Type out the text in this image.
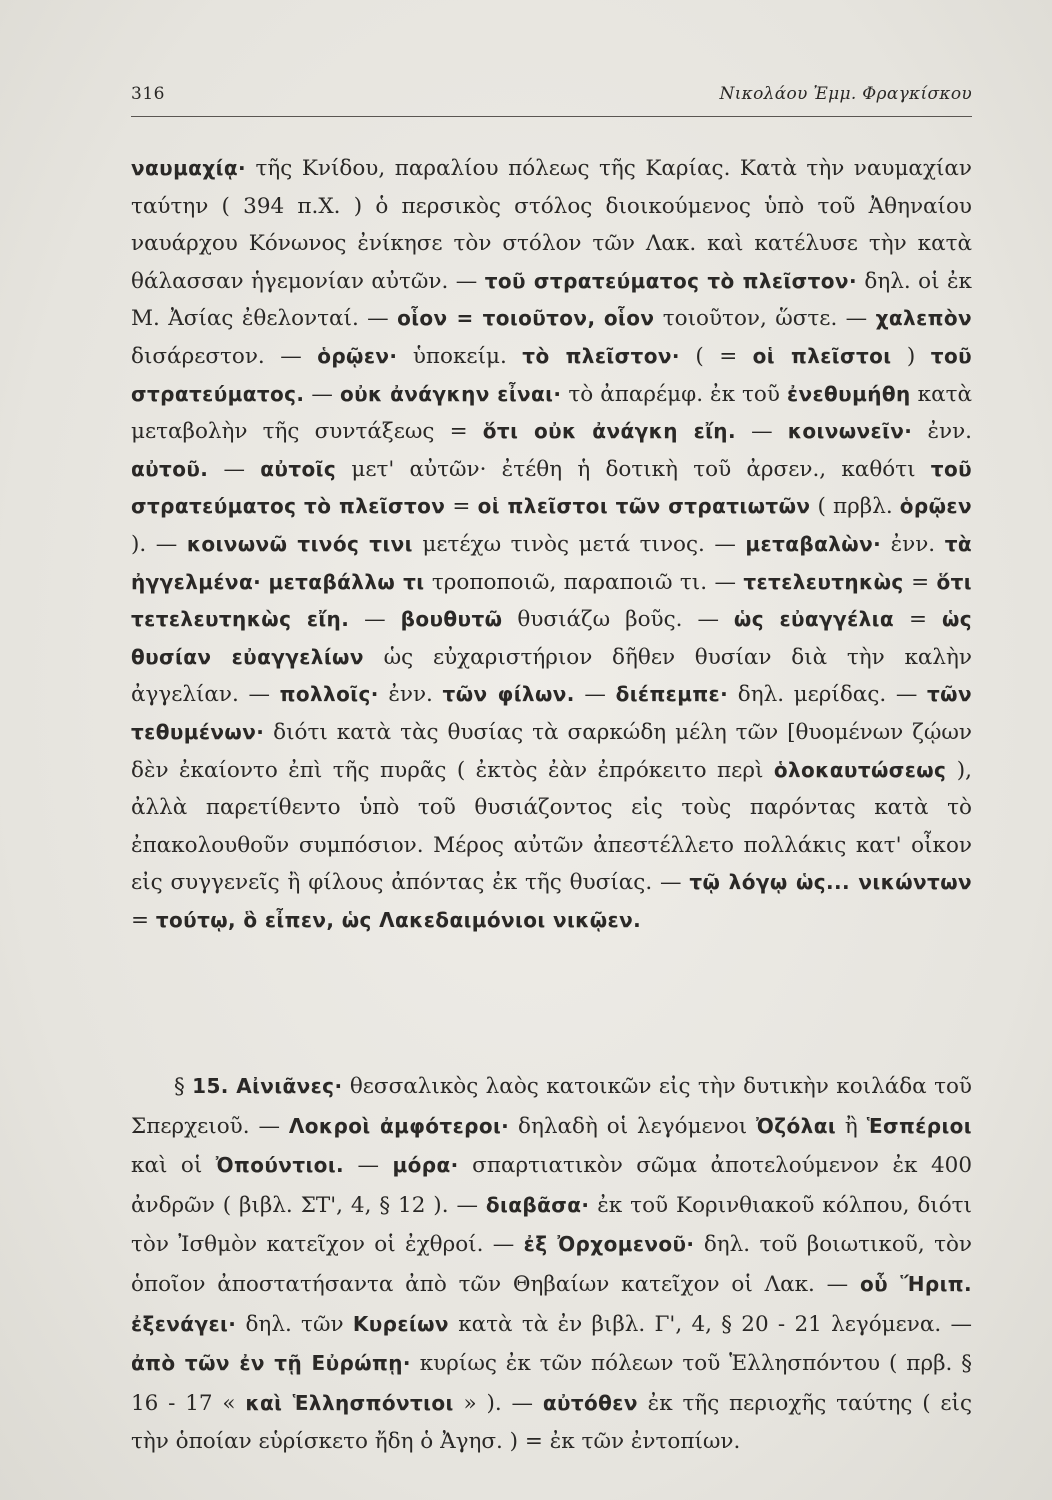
316	Νικολάου Ἐμμ. Φραγκίσκου
ναυμαχίᾳ· τῆς Κνίδου, παραλίου πόλεως τῆς Καρίας. Κατὰ τὴν ναυμαχίαν ταύτην ( 394 π.Χ. ) ὁ περσικὸς στόλος διοικούμενος ὑπὸ τοῦ Ἀθηναίου ναυάρχου Κόνωνος ἐνίκησε τὸν στόλον τῶν Λακ. καὶ κατέλυσε τὴν κατὰ θάλασσαν ἡγεμονίαν αὐτῶν. — τοῦ στρατεύματος τὸ πλεῖστον· δηλ. οἱ ἐκ Μ. Ἀσίας ἐθελονταί. — οἷον = τοιοῦτον, οἷον τοιοῦτον, ὥστε. — χαλεπὸν δισάρεστον. — ὁρῷεν· ὑποκείμ. τὸ πλεῖστον· ( = οἱ πλεῖστοι ) τοῦ στρατεύματος. — οὐκ ἀνάγκην εἶναι· τὸ ἀπαρέμφ. ἐκ τοῦ ἐνεθυμήθη κατὰ μεταβολὴν τῆς συντάξεως = ὅτι οὐκ ἀνάγκη εἴη. — κοινωνεῖν· ἐνν. αὐτοῦ. — αὐτοῖς μετ' αὐτῶν· ἐτέθη ἡ δοτικὴ τοῦ ἀρσεν., καθότι τοῦ στρατεύματος τὸ πλεῖστον = οἱ πλεῖστοι τῶν στρατιωτῶν ( πρβλ. ὁρῷεν ). — κοινωνῶ τινός τινι μετέχω τινὸς μετά τινος. — μεταβαλὼν· ἐνν. τὰ ἠγγελμένα· μεταβάλλω τι τροποποιῶ, παραποιῶ τι. — τετελευτηκὼς = ὅτι τετελευτηκὼς εἴη. — βουθυτῶ θυσιάζω βοῦς. — ὡς εὐαγγέλια = ὡς θυσίαν εὐαγγελίων ὡς εὐχαριστήριον δῆθεν θυσίαν διὰ τὴν καλὴν ἀγγελίαν. — πολλοῖς· ἐνν. τῶν φίλων. — διέπεμπε· δηλ. μερίδας. — τῶν τεθυμένων· διότι κατὰ τὰς θυσίας τὰ σαρκώδη μέλη τῶν [θυομένων ζῴων δὲν ἐκαίοντο ἐπὶ τῆς πυρᾶς ( ἐκτὸς ἐὰν ἐπρόκειτο περὶ ὁλοκαυτώσεως ), ἀλλὰ παρετίθεντο ὑπὸ τοῦ θυσιάζοντος εἰς τοὺς παρόντας κατὰ τὸ ἐπακολουθοῦν συμπόσιον. Μέρος αὐτῶν ἀπεστέλλετο πολλάκις κατ' οἶκον εἰς συγγενεῖς ἢ φίλους ἀπόντας ἐκ τῆς θυσίας. — τῷ λόγῳ ὡς... νικώντων = τούτῳ, ὃ εἶπεν, ὡς Λακεδαιμόνιοι νικῷεν.
§ 15. Αἰνιᾶνες· θεσσαλικὸς λαὸς κατοικῶν εἰς τὴν δυτικὴν κοιλάδα τοῦ Σπερχειοῦ. — Λοκροὶ ἀμφότεροι· δηλαδὴ οἱ λεγόμενοι Ὀζόλαι ἢ Ἑσπέριοι καὶ οἱ Ὀπούντιοι. — μόρα· σπαρτιατικὸν σῶμα ἀποτελούμενον ἐκ 400 ἀνδρῶν ( βιβλ. ΣΤ', 4, § 12 ). — διαβᾶσα· ἐκ τοῦ Κορινθιακοῦ κόλπου, διότι τὸν Ἰσθμὸν κατεῖχον οἱ ἐχθροί. — ἐξ Ὀρχομενοῦ· δηλ. τοῦ βοιωτικοῦ, τὸν ὁποῖον ἀποστατήσαντα ἀπὸ τῶν Θηβαίων κατεῖχον οἱ Λακ. — οὗ Ἥριπ. ἐξενάγει· δηλ. τῶν Κυρείων κατὰ τὰ ἐν βιβλ. Γ', 4, § 20 - 21 λεγόμενα. — ἀπὸ τῶν ἐν τῇ Εὐρώπῃ· κυρίως ἐκ τῶν πόλεων τοῦ Ἑλλησπόντου ( πρβ. § 16 - 17 « καὶ Ἑλλησπόντιοι » ). — αὐτόθεν ἐκ τῆς περιοχῆς ταύτης ( εἰς τὴν ὁποίαν εὑρίσκετο ἤδη ὁ Ἀγησ. ) = ἐκ τῶν ἐντοπίων.
